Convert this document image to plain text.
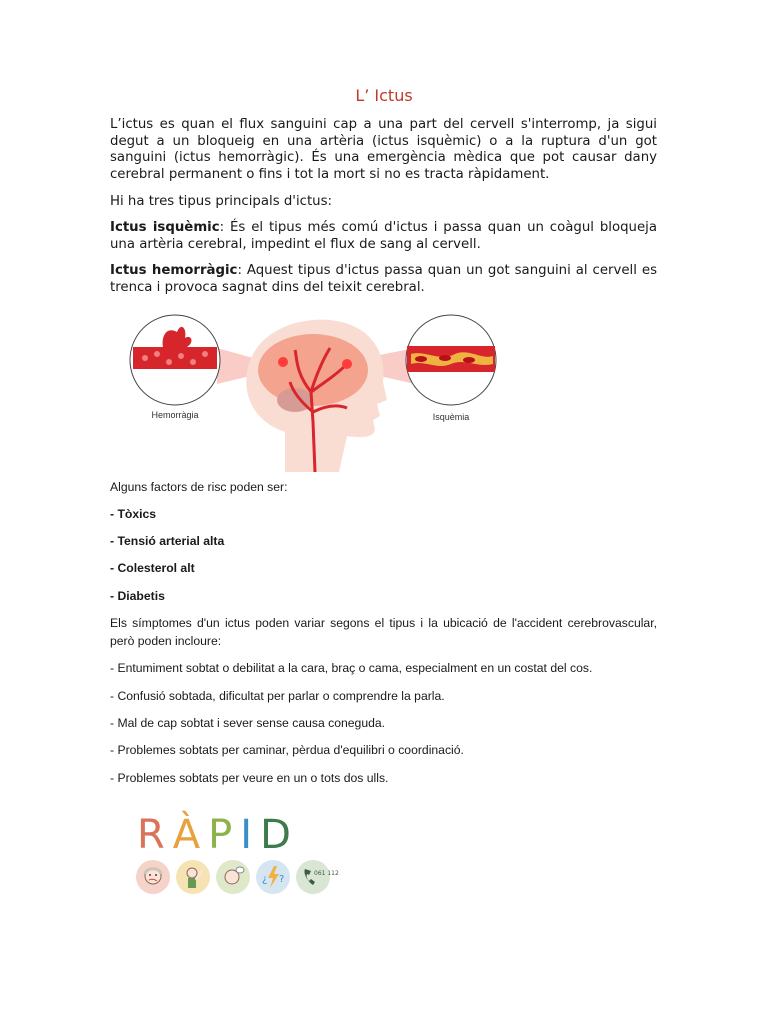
L’ Ictus

L’ictus es quan el flux sanguini cap a una part del cervell s'interromp, ja sigui degut a un bloqueig en una artèria (ictus isquèmic) o a la ruptura d'un got sanguini (ictus hemorràgic). És una emergència mèdica que pot causar dany cerebral permanent o fins i tot la mort si no es tracta ràpidament.

Hi ha tres tipus principals d'ictus:

Ictus isquèmic: És el tipus més comú d'ictus i passa quan un coàgul bloqueja una artèria cerebral, impedint el flux de sang al cervell.

Ictus hemorràgic: Aquest tipus d'ictus passa quan un got sanguini al cervell es trenca i provoca sagnat dins del teixit cerebral.

Hemorràgia	Isquèmia

Alguns factors de risc poden ser:

- Tòxics

- Tensió arterial alta

- Colesterol alt

- Diabetis

Els símptomes d'un ictus poden variar segons el tipus i la ubicació de l'accident cerebrovascular, però poden incloure:

- Entumiment sobtat o debilitat a la cara, braç o cama, especialment en un costat del cos.

- Confusió sobtada, dificultat per parlar o comprendre la parla.

- Mal de cap sobtat i sever sense causa coneguda.

- Problemes sobtats per caminar, pèrdua d'equilibri o coordinació.

- Problemes sobtats per veure en un o tots dos ulls.

RÀPID
¿ ?
061 112
